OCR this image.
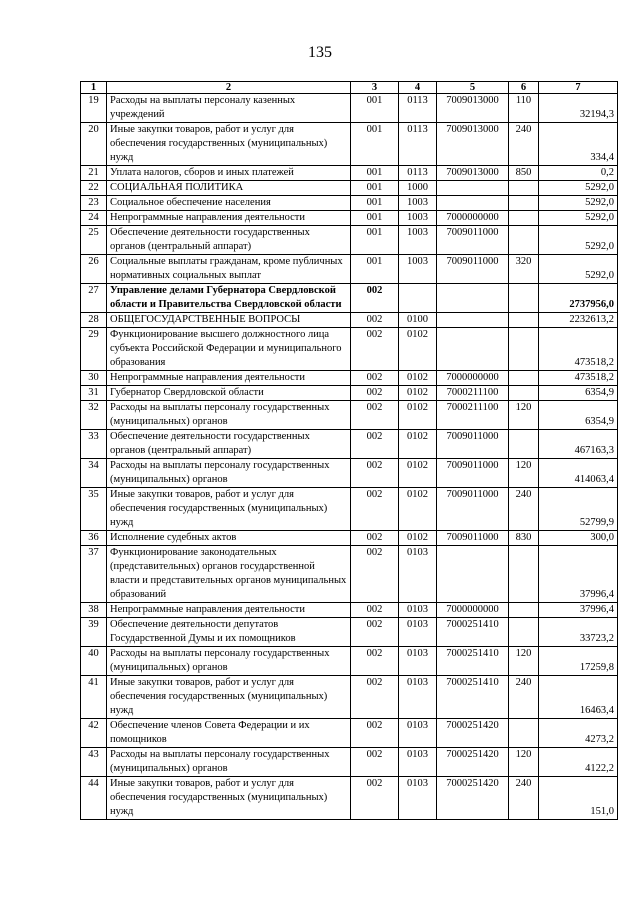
135
1	2	3	4	5	6	7
19	Расходы на выплаты персоналу казенных учреждений	001	0113	7009013000	110	32194,3
20	Иные закупки товаров, работ и услуг для обеспечения государственных (муниципальных) нужд	001	0113	7009013000	240	334,4
21	Уплата налогов, сборов и иных платежей	001	0113	7009013000	850	0,2
22	СОЦИАЛЬНАЯ ПОЛИТИКА	001	1000			5292,0
23	Социальное обеспечение населения	001	1003			5292,0
24	Непрограммные направления деятельности	001	1003	7000000000		5292,0
25	Обеспечение деятельности государственных органов (центральный аппарат)	001	1003	7009011000		5292,0
26	Социальные выплаты гражданам, кроме публичных нормативных социальных выплат	001	1003	7009011000	320	5292,0
27	Управление делами Губернатора Свердловской области и Правительства Свердловской области	002				2737956,0
28	ОБЩЕГОСУДАРСТВЕННЫЕ ВОПРОСЫ	002	0100			2232613,2
29	Функционирование высшего должностного лица субъекта Российской Федерации и муниципального образования	002	0102			473518,2
30	Непрограммные направления деятельности	002	0102	7000000000		473518,2
31	Губернатор Свердловской области	002	0102	7000211100		6354,9
32	Расходы на выплаты персоналу государственных (муниципальных) органов	002	0102	7000211100	120	6354,9
33	Обеспечение деятельности государственных органов (центральный аппарат)	002	0102	7009011000		467163,3
34	Расходы на выплаты персоналу государственных (муниципальных) органов	002	0102	7009011000	120	414063,4
35	Иные закупки товаров, работ и услуг для обеспечения государственных (муниципальных) нужд	002	0102	7009011000	240	52799,9
36	Исполнение судебных актов	002	0102	7009011000	830	300,0
37	Функционирование законодательных (представительных) органов государственной власти и представительных органов муниципальных образований	002	0103			37996,4
38	Непрограммные направления деятельности	002	0103	7000000000		37996,4
39	Обеспечение деятельности депутатов Государственной Думы и их помощников	002	0103	7000251410		33723,2
40	Расходы на выплаты персоналу государственных (муниципальных) органов	002	0103	7000251410	120	17259,8
41	Иные закупки товаров, работ и услуг для обеспечения государственных (муниципальных) нужд	002	0103	7000251410	240	16463,4
42	Обеспечение членов Совета Федерации и их помощников	002	0103	7000251420		4273,2
43	Расходы на выплаты персоналу государственных (муниципальных) органов	002	0103	7000251420	120	4122,2
44	Иные закупки товаров, работ и услуг для обеспечения государственных (муниципальных) нужд	002	0103	7000251420	240	151,0
